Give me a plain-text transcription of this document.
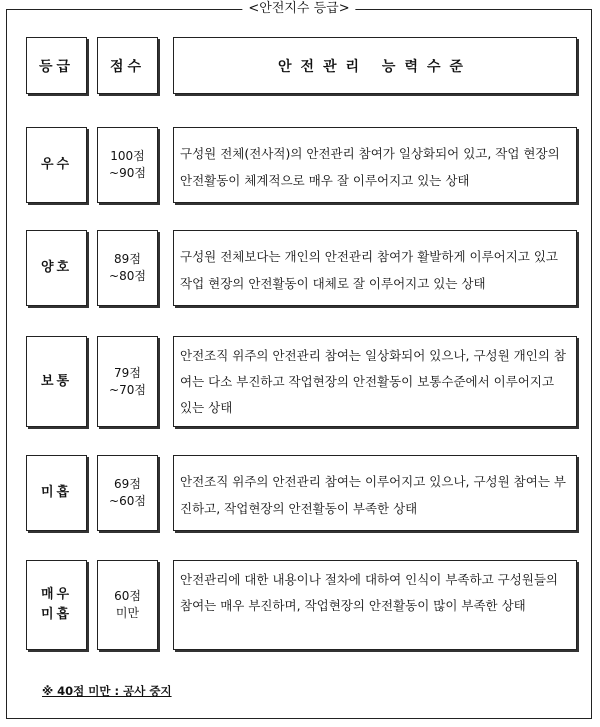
<안전지수 등급>
등급	점수	안전관리 능력수준
우수
100점
~90점
구성원 전체(전사적)의 안전관리 참여가 일상화되어 있고, 작업 현장의 안전활동이 체계적으로 매우 잘 이루어지고 있는 상태
양호
89점
~80점
구성원 전체보다는 개인의 안전관리 참여가 활발하게 이루어지고 있고 작업 현장의 안전활동이 대체로 잘 이루어지고 있는 상태
보통
79점
~70점
안전조직 위주의 안전관리 참여는 일상화되어 있으나, 구성원 개인의 참여는 다소 부진하고 작업현장의 안전활동이 보통수준에서 이루어지고 있는 상태
미흡
69점
~60점
안전조직 위주의 안전관리 참여는 이루어지고 있으나, 구성원 참여는 부진하고, 작업현장의 안전활동이 부족한 상태
매우
미흡
60점
미만
안전관리에 대한 내용이나 절차에 대하여 인식이 부족하고 구성원들의 참여는 매우 부진하며, 작업현장의 안전활동이 많이 부족한 상태
※ 40점 미만 : 공사 중지
